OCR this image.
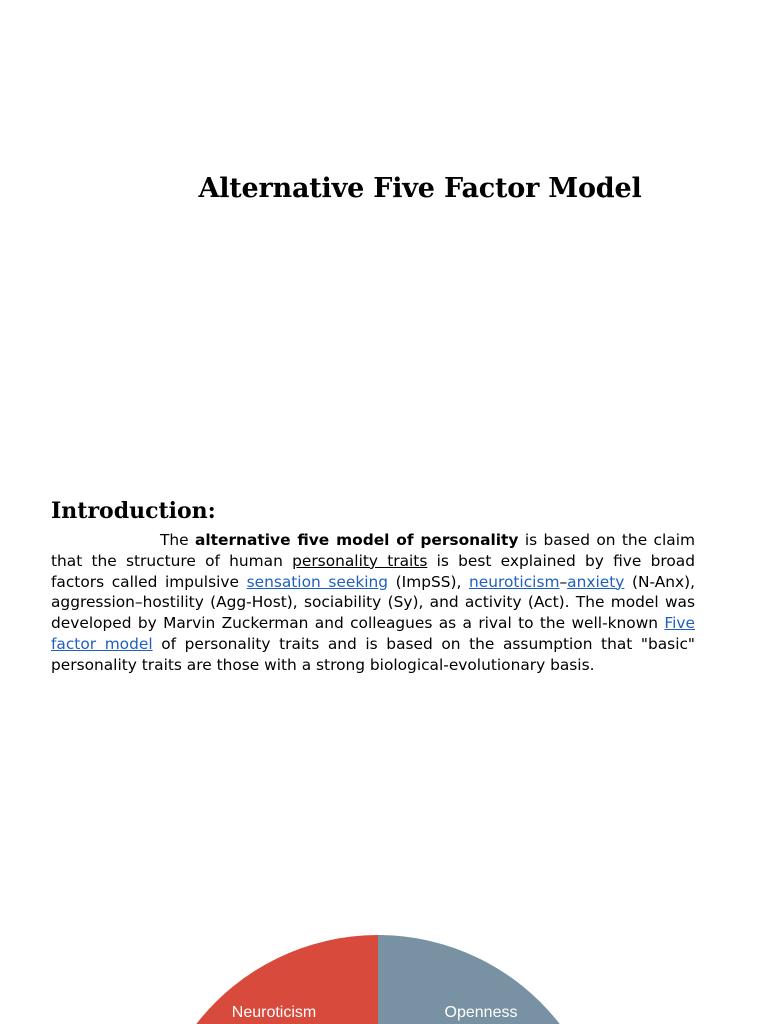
Alternative Five Factor Model
Introduction:

The alternative five model of personality is based on the claim that the structure of human personality traits is best explained by five broad factors called impulsive sensation seeking (ImpSS), neuroticism–anxiety (N-Anx), aggression–hostility (Agg-Host), sociability (Sy), and activity (Act). The model was developed by Marvin Zuckerman and colleagues as a rival to the well-known Five factor model of personality traits and is based on the assumption that "basic" personality traits are those with a strong biological-evolutionary basis.

Neuroticism	Openness
